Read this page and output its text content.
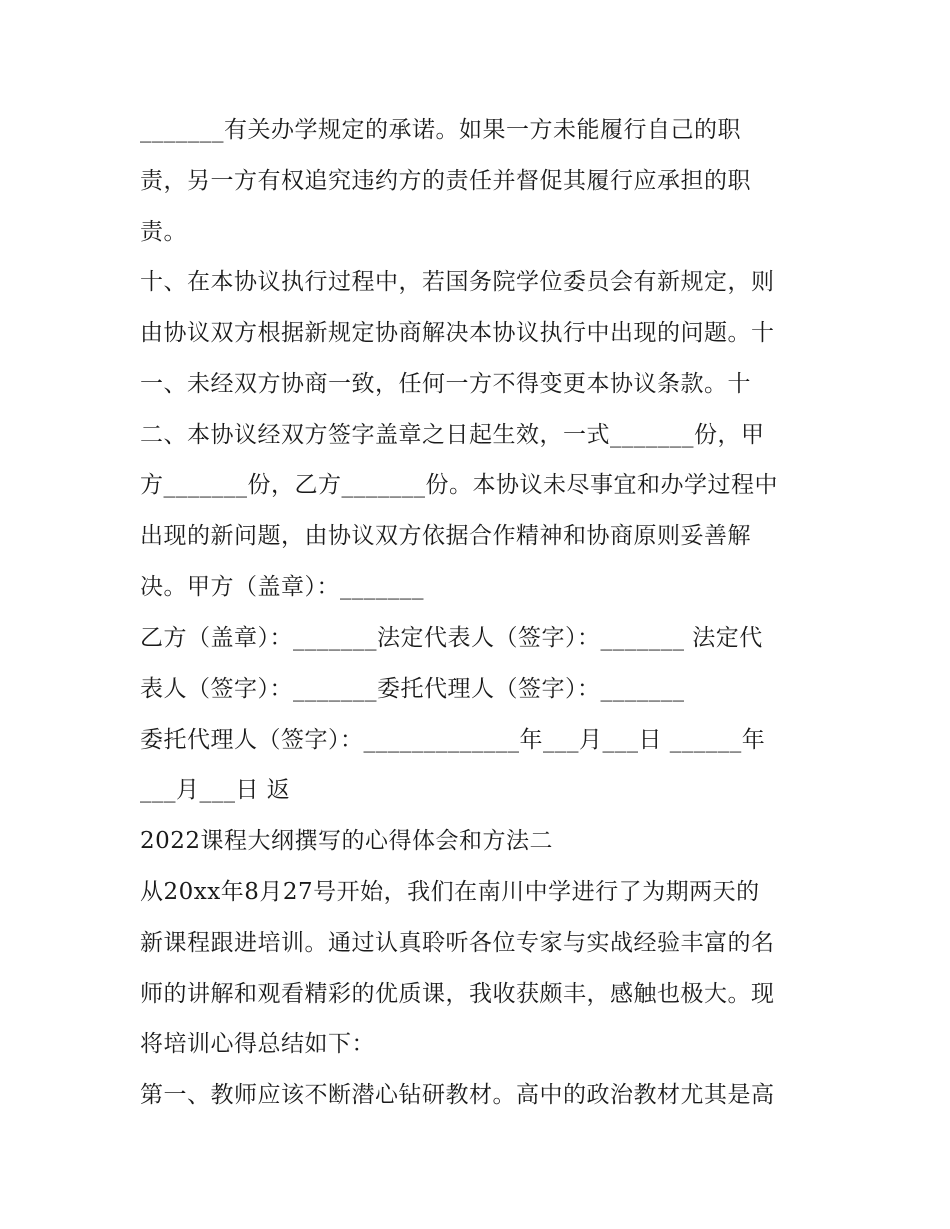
_______有关办学规定的承诺。如果一方未能履行自己的职
责，另一方有权追究违约方的责任并督促其履行应承担的职
责。
十、在本协议执行过程中，若国务院学位委员会有新规定，则
由协议双方根据新规定协商解决本协议执行中出现的问题。十
一、未经双方协商一致，任何一方不得变更本协议条款。十
二、本协议经双方签字盖章之日起生效，一式_______份，甲
方_______份，乙方_______份。本协议未尽事宜和办学过程中
出现的新问题，由协议双方依据合作精神和协商原则妥善解
决。甲方（盖章）：_______
乙方（盖章）：_______法定代表人（签字）：_______ 法定代
表人（签字）：_______委托代理人（签字）：_______
委托代理人（签字）：_____________年___月___日 ______年
___月___日 返
2022课程大纲撰写的心得体会和方法二
从20xx年8月27号开始，我们在南川中学进行了为期两天的
新课程跟进培训。通过认真聆听各位专家与实战经验丰富的名
师的讲解和观看精彩的优质课，我收获颇丰，感触也极大。现
将培训心得总结如下：
第一、教师应该不断潜心钻研教材。高中的政治教材尤其是高
